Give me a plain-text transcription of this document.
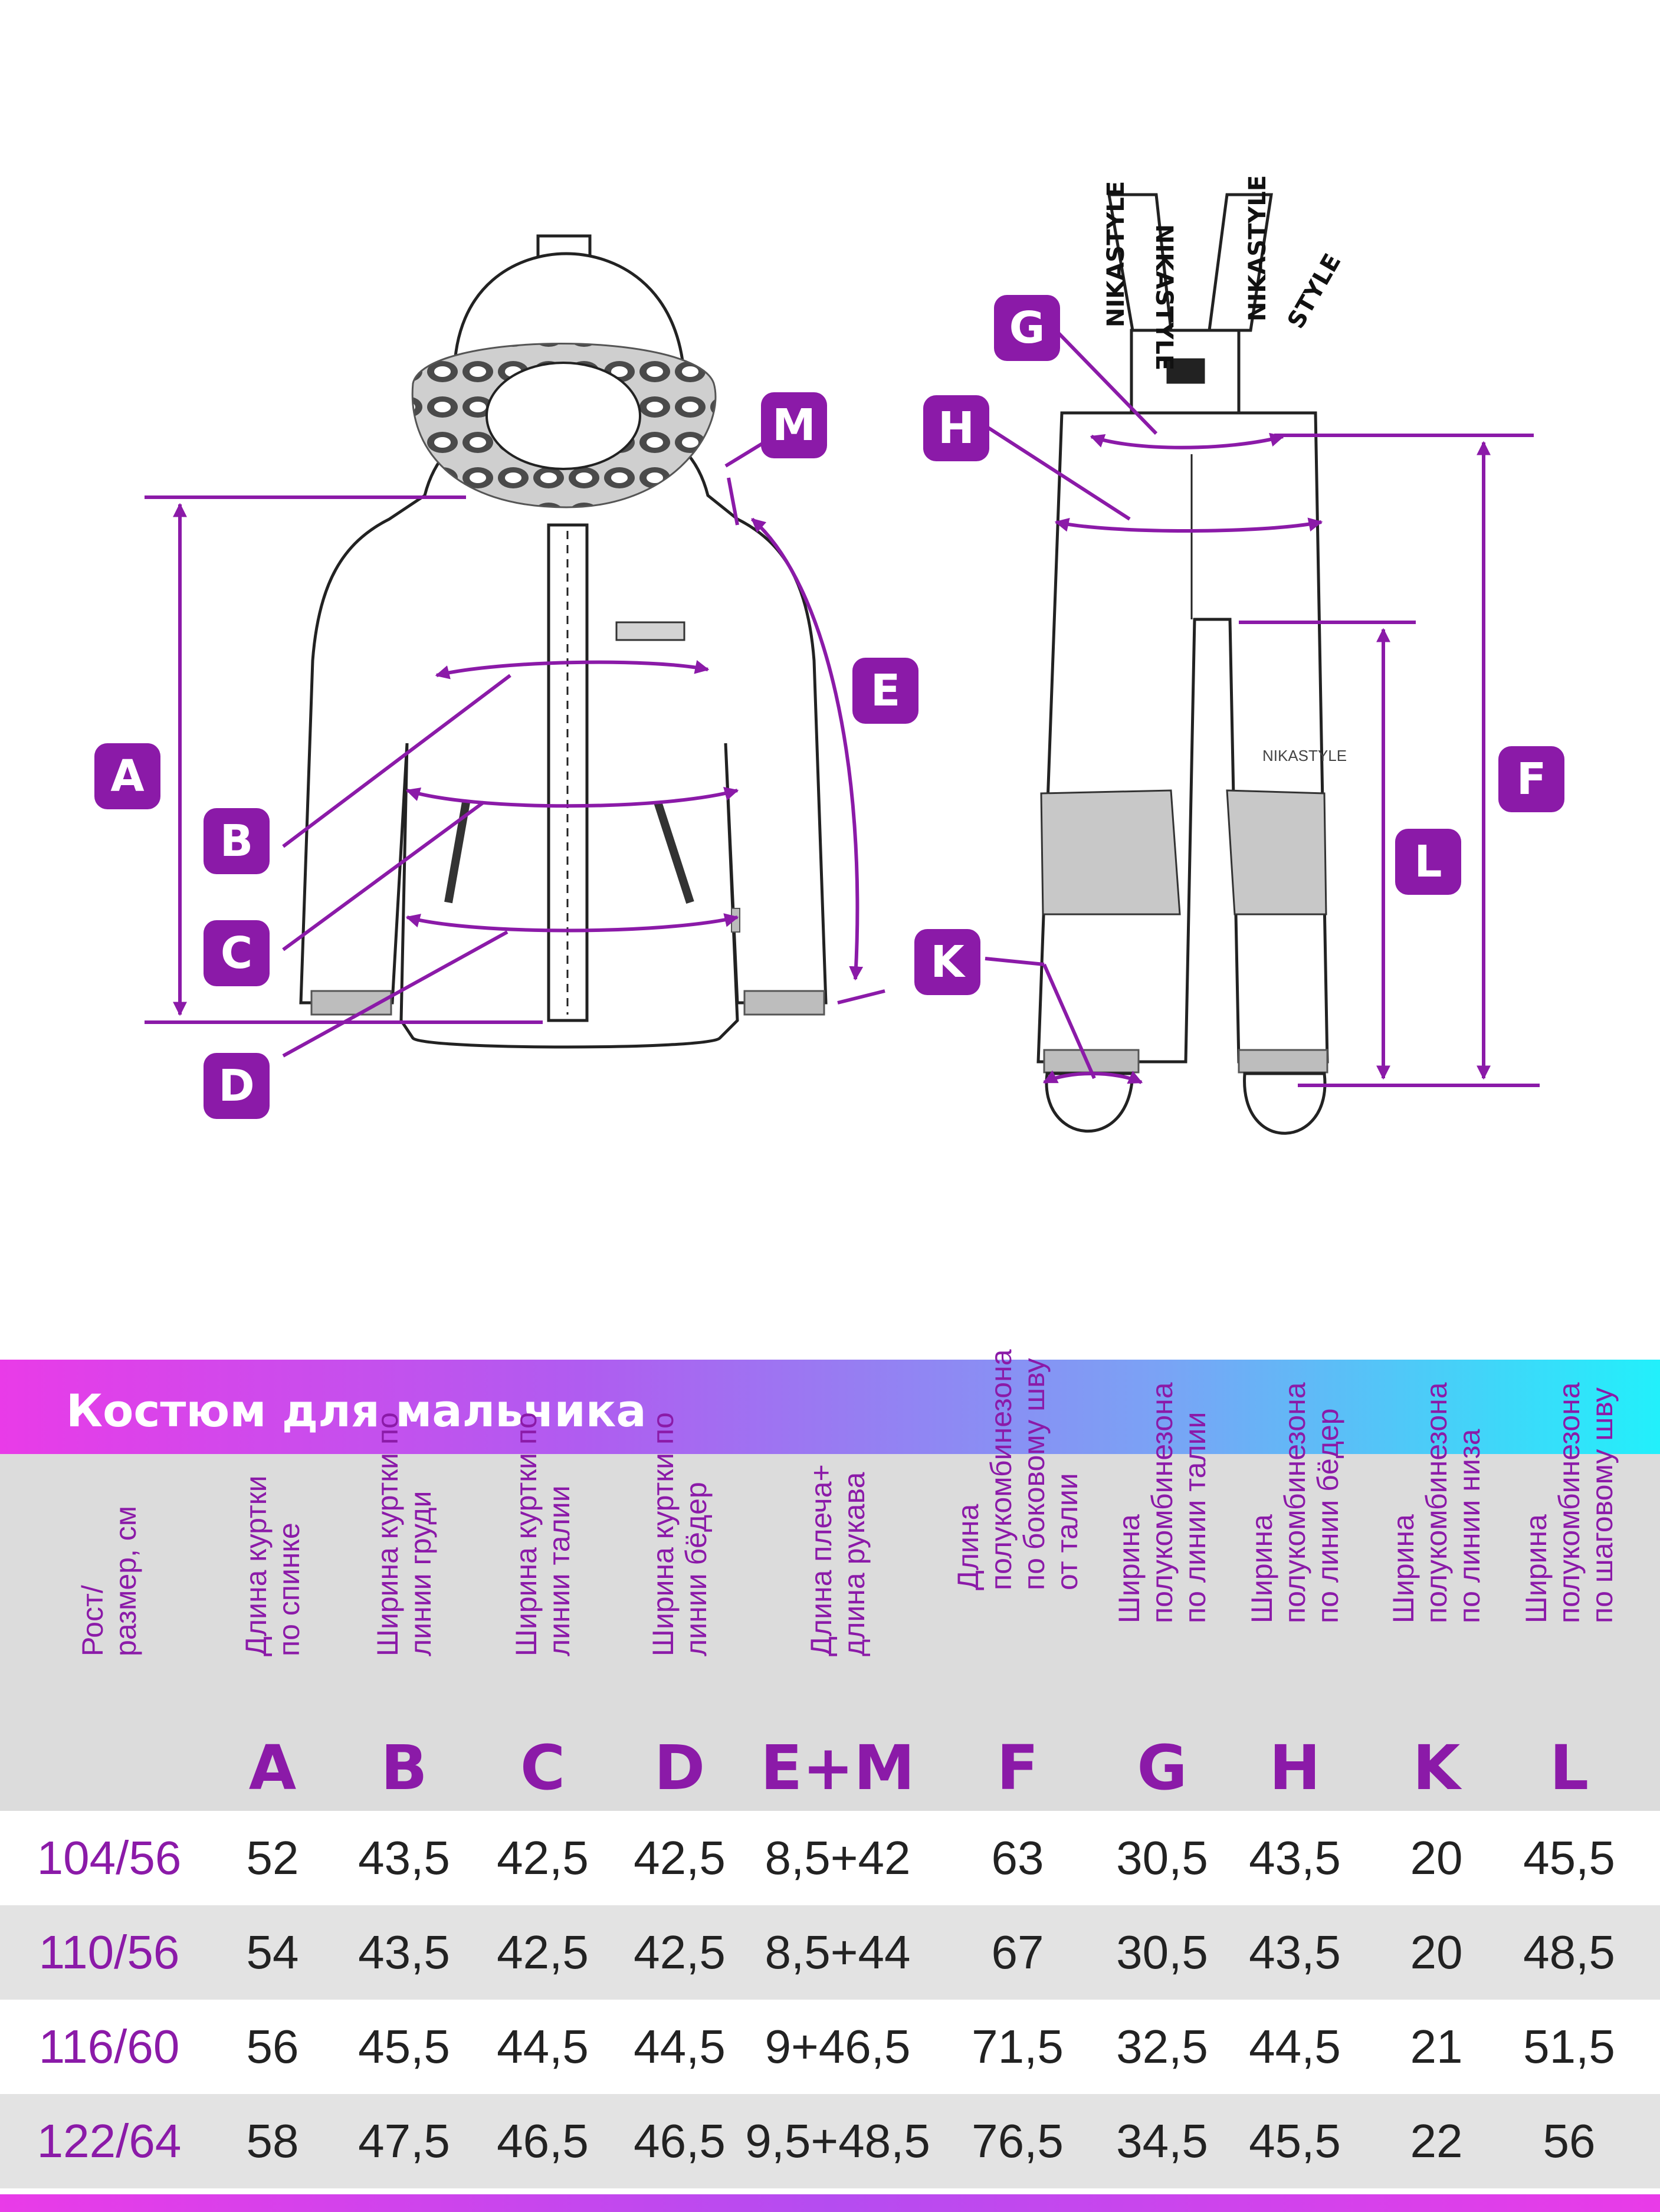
NIKASTYLE NIKASTYLE	NIKASTYLE STYLE
NIKASTYLE
A
B
C
D
M
E
G
H
F
L
K
Костюм для мальчика
Рост/
размер, см
Длина куртки
по спинке
A
Ширина куртки по
линии груди
B
Ширина куртки по
линии талии
C
Ширина куртки по
линии бёдер
D
Длина плеча+
длина рукава
E+M
Длина
полукомбинезона
по боковому шву
от талии
F
Ширина
полукомбинезона
по линии талии
G
Ширина
полукомбинезона
по линии бёдер
H
Ширина
полукомбинезона
по линии низа
K
Ширина
полукомбинезона
по шаговому шву
L
104/56	52	43,5 42,5 42,5 8,5+42	63	30,5 43,5	20	45,5
110/56	54	43,5 42,5 42,5 8,5+44	67	30,5 43,5	20	48,5
116/60	56	45,5 44,5 44,5 9+46,5	71,5 32,5 44,5	21	51,5
122/64	58	47,5 46,5 46,5 9,5+48,5 76,5 34,5 45,5	22	56
